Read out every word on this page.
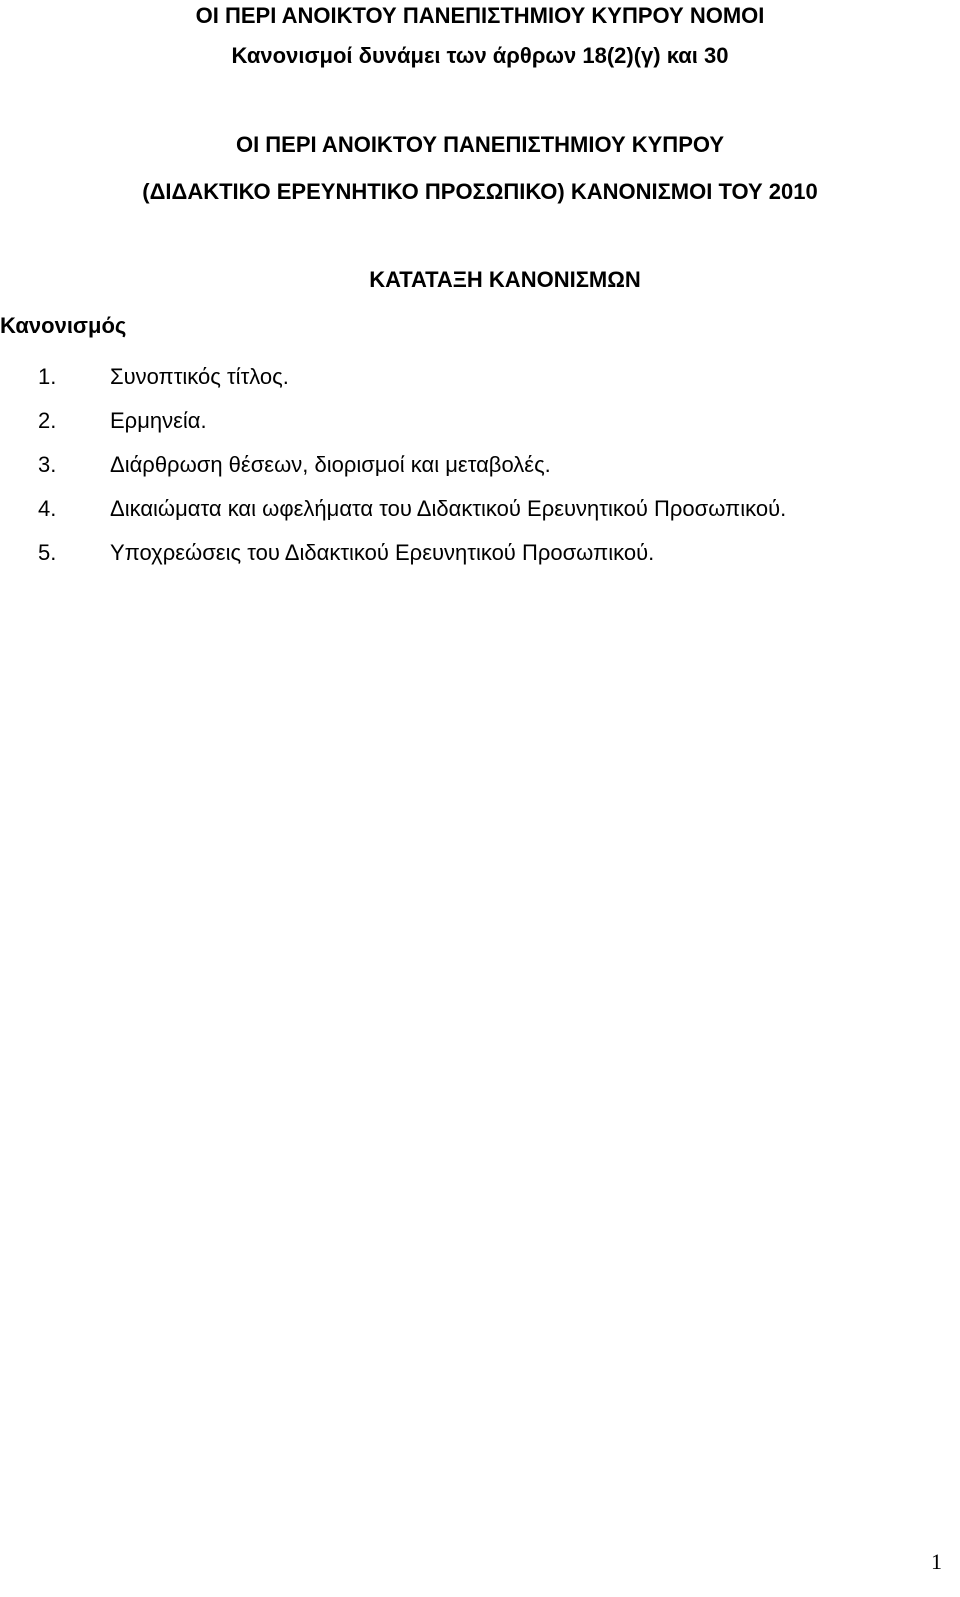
ΟΙ ΠΕΡΙ ΑΝΟΙΚΤΟΥ ΠΑΝΕΠΙΣΤΗΜΙΟΥ ΚΥΠΡΟΥ ΝΟΜΟΙ
Κανονισμοί δυνάμει των άρθρων 18(2)(γ) και 30
ΟΙ ΠΕΡΙ ΑΝΟΙΚΤΟΥ ΠΑΝΕΠΙΣΤΗΜΙΟΥ ΚΥΠΡΟΥ
(ΔΙΔΑΚΤΙΚΟ ΕΡΕΥΝΗΤΙΚΟ ΠΡΟΣΩΠΙΚΟ) ΚΑΝΟΝΙΣΜΟΙ ΤΟΥ 2010
ΚΑΤΑΤΑΞΗ ΚΑΝΟΝΙΣΜΩΝ
Κανονισμός
1.	Συνοπτικός τίτλος.
2.	Ερμηνεία.
3.	Διάρθρωση θέσεων, διορισμοί και μεταβολές.
4.	Δικαιώματα και ωφελήματα του Διδακτικού Ερευνητικού Προσωπικού.
5.	Υποχρεώσεις του Διδακτικού Ερευνητικού Προσωπικού.
1
